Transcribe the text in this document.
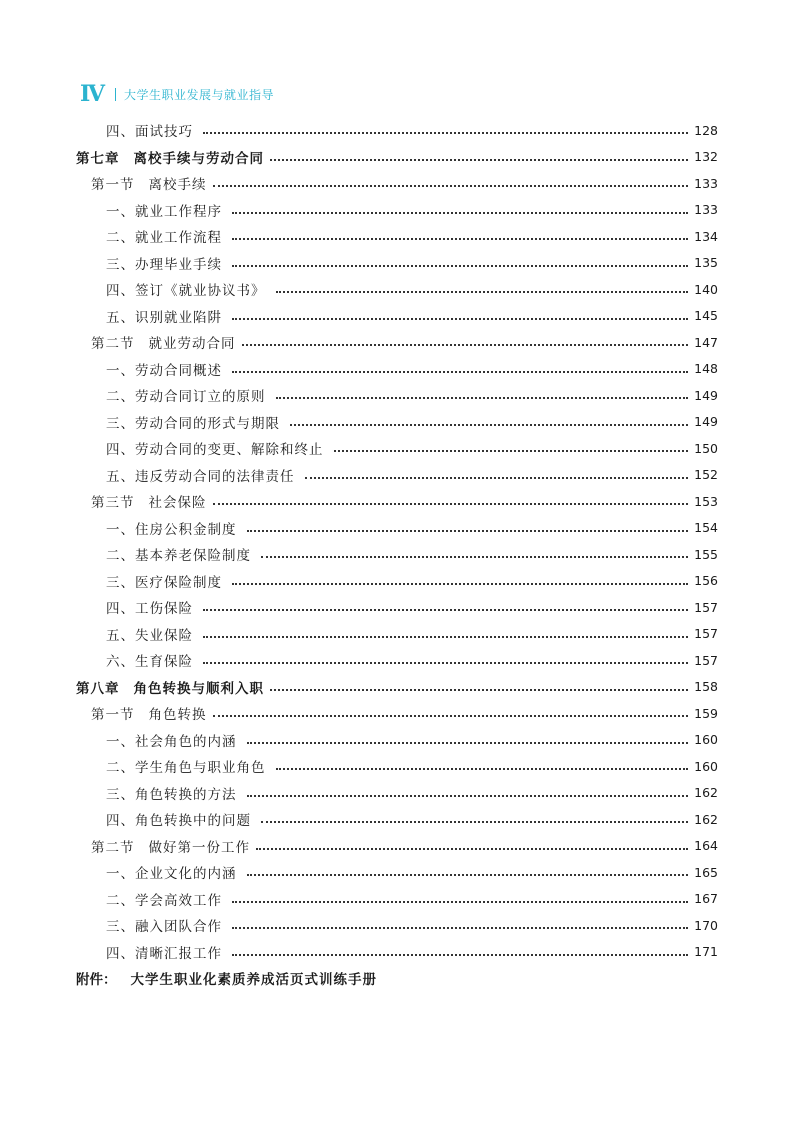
Ⅳ 大学生职业发展与就业指导
四、面试技巧	128
第七章 离校手续与劳动合同	132
第一节 离校手续	133
一、就业工作程序	133
二、就业工作流程	134
三、办理毕业手续	135
四、签订《就业协议书》	140
五、识别就业陷阱	145
第二节 就业劳动合同	147
一、劳动合同概述	148
二、劳动合同订立的原则	149
三、劳动合同的形式与期限	149
四、劳动合同的变更、解除和终止	150
五、违反劳动合同的法律责任	152
第三节 社会保险	153
一、住房公积金制度	154
二、基本养老保险制度	155
三、医疗保险制度	156
四、工伤保险	157
五、失业保险	157
六、生育保险	157
第八章 角色转换与顺利入职	158
第一节 角色转换	159
一、社会角色的内涵	160
二、学生角色与职业角色	160
三、角色转换的方法	162
四、角色转换中的问题	162
第二节 做好第一份工作	164
一、企业文化的内涵	165
二、学会高效工作	167
三、融入团队合作	170
四、清晰汇报工作	171
附件： 大学生职业化素质养成活页式训练手册
